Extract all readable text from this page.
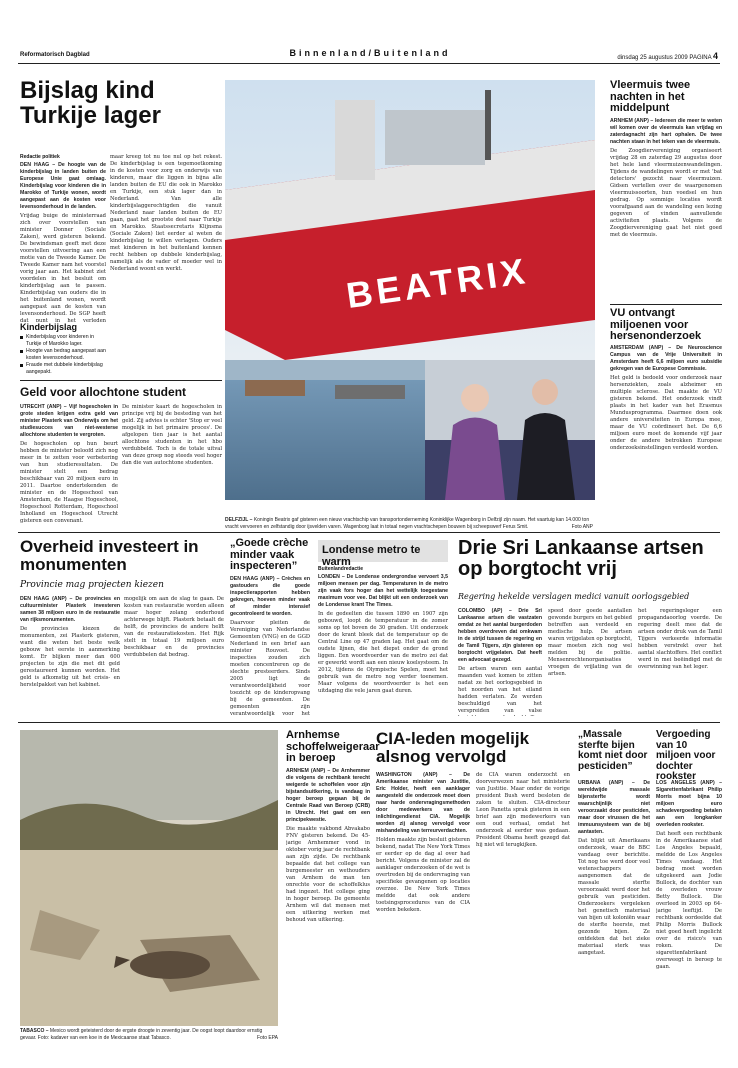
Reformatorisch Dagblad	Binnenland/Buitenland	dinsdag 25 augustus 2009 PAGINA 4
Bijslag kind Turkije lager
Redactie politiek

DEN HAAG – De hoogte van de kinderbijslag in landen buiten de Europese Unie gaat omlaag. Kinderbijslag voor kinderen die in Marokko of Turkije wonen, wordt aangepast aan de kosten voor levensonderhoud in de landen.

Vrijdag buige de ministerraad zich over voorstellen van minister Donner (Sociale Zaken), werd gisteren bekend. De bewindsman geeft met deze voorstellen uitvoering aan een motie van de Tweede Kamer. De Tweede Kamer nam het voorstel vorig jaar aan. Het kabinet ziet voordelen in het besluit om kinderbijslag aan te passen. Kinderbijslag van ouders die in het buitenland wonen, wordt aangepast aan de kosten van levensonderhoud. De SGP heeft dat punt in het verleden

maar kreeg tot nu toe nul op het rekest. De kinderbijslag is een tegemoetkoming in de kosten voor zorg en onderwijs van kinderen, maar die liggen in bijna alle landen buiten de EU die ook in Marokko en Turkije, een stuk lager dan in Nederland. Van alle kinderbijslaggerechtigden die vanuit Nederland naar landen buiten de EU gaan, gaat het grootste deel naar Turkije en Marokko. Staatssecretaris Klijnsma (Sociale Zaken) liet eerder al weten de kinderbijslag te willen verlagen. Ouders met kinderen in het buitenland kennen recht hebben op dubbele kinderbijslag, namelijk als de vader of moeder wel in Nederland woont en werkt.

Kinderbijslag
Kinderbijslag voor kinderen in Turkije of Marokko lager.
Hoogte van bedrag aangepast aan kosten levensonderhoud.
Fraude met dubbele kinderbijslag aangepakt.
BEATRIX
DELFZIJL – Koningin Beatrix gaf gisteren een nieuw vrachtschip van transportonderneming Koninklijke Wagenborg in Delfzijl zijn naam. Het vaartuig kan 14.000 ton vracht vervoeren en zelfstandig door ijsvelden varen. Wagenborg laat in totaal negen vrachtschepen bouwen bij scheepswerf Ferus Smit.	Foto ANP
Vleermuis twee nachten in het middelpunt

ARNHEM (ANP) – Iedereen die meer te weten wil komen over de vleermuis kan vrijdag en zaterdagnacht zijn hart ophalen. De twee nachten staan in het teken van de vleermuis.

De Zoogdiervereniging organiseert vrijdag 28 en zaterdag 29 augustus door het hele land vleermuizenwandelingen. Tijdens de wandelingen wordt er met 'bat detectors' gezocht naar vleermuizen. Gidsen vertellen over de waargenomen vleermuissoorten, hun voedsel en hun gedrag. Op sommige locaties wordt voorafgaand aan de wandeling een lezing gegeven of vinden aanvullende activiteiten plaats. Volgens de Zoogdiervereniging gaat het niet goed met de vleermuis.

VU ontvangt miljoenen voor hersenonderzoek

AMSTERDAM (ANP) – De Neuroscience Campus van de Vrije Universiteit in Amsterdam heeft 6,6 miljoen euro subsidie gekregen van de Europese Commissie.

Het geld is bedoeld voor onderzoek naar hersenziekten, zoals alzheimer en multiple sclerose. Dat maakte de VU gisteren bekend. Het onderzoek vindt plaats in het kader van het Erasmus Mundusprogramma. Daarmee doen ook andere universiteiten in Europa mee, maar de VU coördineert het. De 6,6 miljoen euro moet de komende vijf jaar onder de andere betrokken Europese onderzoeksinstellingen verdeeld worden.

Geld voor allochtone student

UTRECHT (ANP) – Vijf hogescholen in grote steden krijgen extra geld van minister Plasterk van Onderwijs om het studiesucces van niet-westerse allochtone studenten te vergroten.

De hogescholen op hun beurt hebben de minister beloofd zich nog meer in te zetten voor verbetering van hun studieresultaten. De minister stelt een bedrag beschikbaar van 20 miljoen euro in 2011. Daartoe ondertekenden de minister en de Hogeschool van Amsterdam, de Haagse Hogeschool, Hogeschool Rotterdam, Hogeschool Inholland en Hogeschool Utrecht gisteren een convenant.

De minister kaart de hogescholen in principe vrij bij de besteding van het geld. Zij advies is echter 'Stop er veel mogelijk in het primaire proces'. De afgelopen tien jaar is het aantal allochtone studenten in het hbo verdubbeld. Toch is de totale uitval van deze groep nog steeds veel hoger dan die van autochtone studenten.

Overheid investeert in monumenten
Provincie mag projecten kiezen

DEN HAAG (ANP) – De provincies en cultuurminister Plasterk investeren samen 38 miljoen euro in de restauratie van rijksmonumenten.

De provincies kiezen de monumenten, zei Plasterk gisteren, want die weten het beste welk gebouw het eerste in aanmerking komt. Er blijken meer dan 600 projecten te zijn die met dit geld gerestaureerd kunnen worden. Het geld is afkomstig uit het crisis- en herstelpakket van het kabinet.

mogelijk om aan de slag te gaan. De kosten van restauratie worden alleen maar hoger zolang onderhoud achterwege blijft. Plasterk betaalt de helft, de provincies de andere helft van de restauratiekosten. Het Rijk stelt in totaal 19 miljoen euro beschikbaar en de provincies verdubbelen dat bedrag.

„Goede crèche minder vaak inspecteren”

DEN HAAG (ANP) – Crèches en gastouders die goede inspectierapporten hebben gekregen, hoeven minder vaak of minder intensief gecontroleerd te worden.

Daarvoor pleiten de Vereniging van Nederlandse Gemeenten (VNG) en de GGD Nederland in een brief aan minister Rouvoet. De inspecties zouden zich moeten concentreren op de slechte presteerders. Sinds 2005 ligt de verantwoordelijkheid voor toezicht op de kinderopvang bij de gemeenten. De gemeenten zijn verantwoordelijk voor het

Londense metro te warm
Buitenlandredactie

LONDEN – De Londense ondergrondse vervoert 3,5 miljoen mensen per dag. Temperaturen in de metro zijn vaak fors hoger dan het wettelijk toegestane maximum voor vee. Dat blijkt uit een onderzoek van de Londense krant The Times.

In de gedeelten die tussen 1890 en 1907 zijn gebouwd, loopt de temperatuur in de zomer soms op tot boven de 30 graden. Uit onderzoek door de krant bleek dat de temperatuur op de Central Line op 47 graden lag. Het gaat om de oudste lijnen, die het diepst onder de grond liggen. Een woordvoerder van de metro zei dat er gewerkt wordt aan een nieuw koelsysteem. In 2012, tijdens de Olympische Spelen, moet het gebruik van de metro nog verder toenemen. Maar volgens de woordvoerder is het een uitdaging die vele jaren gaat duren.

Drie Sri Lankaanse artsen op borgtocht vrij
Regering hekelde verslagen medici vanuit oorlogsgebied

COLOMBO (AP) – Drie Sri Lankaanse artsen die vastzaten omdat ze het aantal burgerdoden hebben overdreven dat omkwam in de strijd tussen de regering en de Tamil Tijgers, zijn gisteren op borgtocht vrijgelaten. Dat heeft een advocaat gezegd.

De artsen waren een aantal maanden vast komen te zitten nadat ze het oorlogsgebied in het noorden van het eiland hadden verlaten. Ze werden beschuldigd van het verspreiden van valse

speed door goede aantallen gewonde burgers en het gebied betreffen aan verdeeld en medische hulp. De artsen waren vrijgelaten op borgtocht, maar moeten zich nog wel melden bij de politie. Mensenrechtenorganisaties vroegen de vrijlating van de artsen.

het regeringsleger een propagandaoorlog voerde. De regering deelt mee dat de artsen onder druk van de Tamil Tijgers verkeerde informatie hebben verstrekt over het aantal slachtoffers. Het conflict werd in mei beëindigd met de overwinning van het leger.

TABASCO – Mexico wordt geteisterd door de ergste droogte in zeventig jaar. De oogst loopt daardoor ernstig gevaar. Foto: kadaver van een koe in de Mexicaanse staat Tabasco.	Foto EPA
Arnhemse schoffelweigeraar in beroep

ARNHEM (ANP) – De Arnhemmer die volgens de rechtbank terecht weigerde te schoffelen voor zijn bijstandsuitkering, is vandaag in hoger beroep gegaan bij de Centrale Raad van Beroep (CRB) in Utrecht. Het gaat om een principekwestie.

Die maakte vakbond Abvakabo FNV gisteren bekend. De 45-jarige Arnhemmer vond in oktober vorig jaar de rechtbank aan zijn zijde. De rechtbank bepaalde dat het college van burgemeester en wethouders van Arnhem de man ten onrechte voor de schoffelklus had ingezet. Het college ging in hoger beroep. De gemeente Arnhem wil dat mensen met een uitkering werken met behoud van uitkering.

CIA-leden mogelijk alsnog vervolgd

WASHINGTON (ANP) – De Amerikaanse minister van Justitie, Eric Holder, heeft een aanklager aangesteld die onderzoek moet doen naar harde ondervragingsmethoden door medewerkers van de inlichtingendienst CIA. Mogelijk worden zij alsnog vervolgd voor mishandeling van terreurverdachten.

Holden maakte zijn besluit gisteren bekend, nadat The New York Times er eerder op de dag al over had bericht. Volgens de minister zal de aanklager onderzoeken of de wet is overtreden bij de ondervraging van specifieke gevangenen op locaties overzee. De New York Times meldde dat ook andere toetsingsprocedures van de CIA worden bekeken.

de CIA waren onderzocht en doorverwezen naar het ministerie van Justitie. Maar onder de vorige president Bush werd besloten de zaken te sluiten. CIA-directeur Leon Panetta sprak gisteren in een brief aan zijn medewerkers van een oud verhaal, omdat het onderzoek al eerder was gedaan. President Obama heeft gezegd dat hij niet wil terugkijken.

„Massale sterfte bijen komt niet door pesticiden”

URBANA (ANP) – De wereldwijde massale bijensterfte wordt waarschijnlijk niet veroorzaakt door pesticiden, maar door virussen die het immuunsysteem van de bij aantasten.

Dat blijkt uit Amerikaans onderzoek, waar de BBC vandaag over berichtte. Tot nog toe werd door veel wetenschappers aangenomen dat de massale sterfte veroorzaakt werd door het gebruik van pesticiden. Onderzoekers vergeleken het genetisch materiaal van bijen uit koloniën waar de sterfte heerste, met gezonde bijen. Ze ontdekten dat het zieke materiaal sterk was aangetast.

Vergoeding van 10 miljoen voor dochter rookster

LOS ANGELES (ANP) – Sigarettenfabrikant Philip Morris moet bijna 10 miljoen euro schadevergoeding betalen aan een longkanker overleden rookster.

Dat heeft een rechtbank in de Amerikaanse stad Los Angeles bepaald, meldde de Los Angeles Times vandaag. Het bedrag moet worden uitgekeerd aan Jodie Bullock, de dochter van de overleden vrouw Betty Bullock. Die overleed in 2003 op 64-jarige leeftijd. De rechtbank oordeelde dat Philip Morris Bullock niet goed heeft ingelicht over de risico's van roken. De sigarettenfabrikant overweegt in beroep te gaan.
